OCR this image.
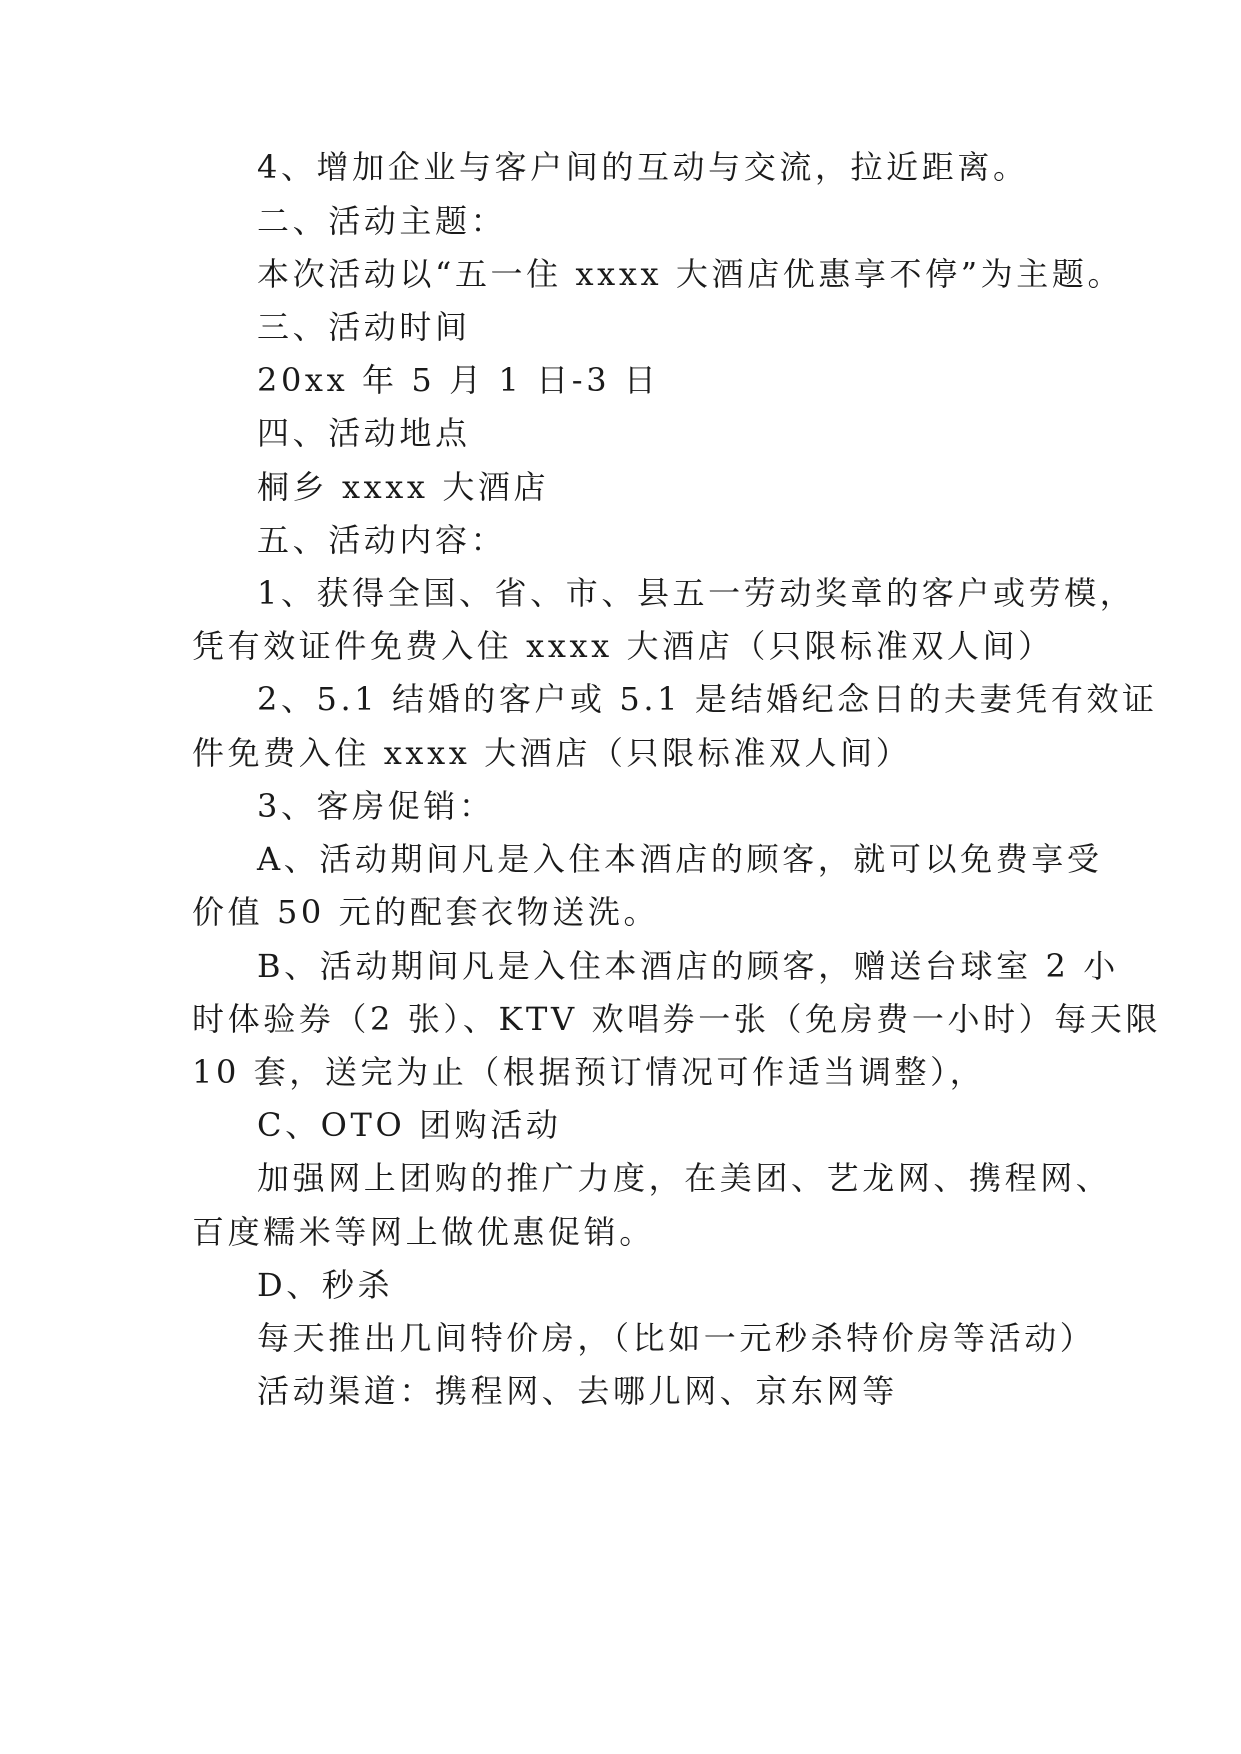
4、增加企业与客户间的互动与交流，拉近距离。

二、活动主题：

本次活动以“五一住 xxxx 大酒店优惠享不停”为主题。

三、活动时间

20xx 年 5 月 1 日-3 日

四、活动地点

桐乡 xxxx 大酒店

五、活动内容：

1、获得全国、省、市、县五一劳动奖章的客户或劳模，

凭有效证件免费入住 xxxx 大酒店（只限标准双人间）

2、5.1 结婚的客户或 5.1 是结婚纪念日的夫妻凭有效证

件免费入住 xxxx 大酒店（只限标准双人间）

3、客房促销：

A、活动期间凡是入住本酒店的顾客，就可以免费享受

价值 50 元的配套衣物送洗。

B、活动期间凡是入住本酒店的顾客，赠送台球室 2 小

时体验券（2 张）、KTV 欢唱券一张（免房费一小时）每天限

10 套，送完为止（根据预订情况可作适当调整），

C、OTO 团购活动

加强网上团购的推广力度，在美团、艺龙网、携程网、

百度糯米等网上做优惠促销。

D、秒杀

每天推出几间特价房，（比如一元秒杀特价房等活动）

活动渠道：携程网、去哪儿网、京东网等
